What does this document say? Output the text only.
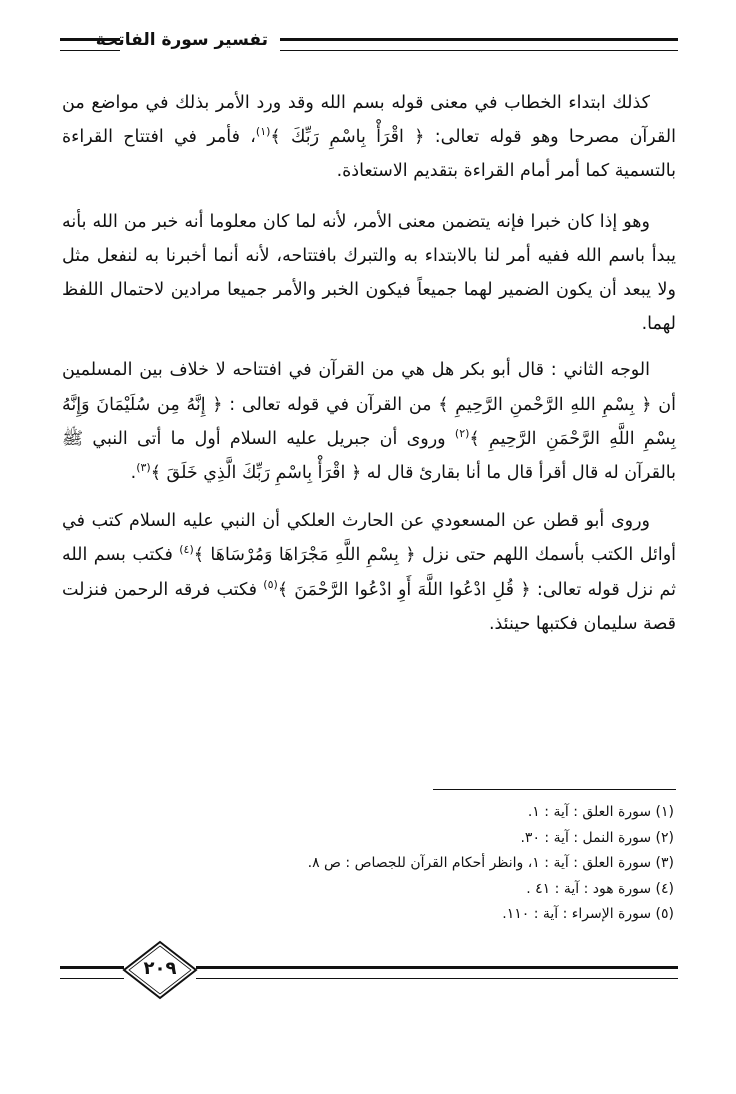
تفسير سورة الفاتحة

كذلك ابتداء الخطاب في معنى قوله بسم الله وقد ورد الأمر بذلك في مواضع من القرآن مصرحا وهو قوله تعالى: ﴿ اقْرَأْ بِاسْمِ رَبِّكَ ﴾$^{(١)}$، فأمر في افتتاح القراءة بالتسمية كما أمر أمام القراءة بتقديم الاستعاذة.

وهو إذا كان خبرا فإنه يتضمن معنى الأمر، لأنه لما كان معلوما أنه خبر من الله بأنه يبدأ باسم الله ففيه أمر لنا بالابتداء به والتبرك بافتتاحه، لأنه أنما أخبرنا به لنفعل مثل ولا يبعد أن يكون الضمير لهما جميعاً فيكون الخبر والأمر جميعا مرادين لاحتمال اللفظ لهما.

الوجه الثاني : قال أبو بكر هل هي من القرآن في افتتاحه لا خلاف بين المسلمين أن ﴿ بِسْمِ اللهِ الرَّحْمنِ الرَّحِيمِ ﴾ من القرآن في قوله تعالى : ﴿ إِنَّهُ مِن سُلَيْمَانَ وَإِنَّهُ بِسْمِ اللَّهِ الرَّحْمَنِ الرَّحِيمِ ﴾$^{(٢)}$ وروى أن جبريل عليه السلام أول ما أتى النبي ﷺ بالقرآن له قال أقرأ قال ما أنا بقارئ قال له ﴿ اقْرَأْ بِاسْمِ رَبِّكَ الَّذِي خَلَقَ ﴾$^{(٣)}$.

وروى أبو قطن عن المسعودي عن الحارث العلكي أن النبي عليه السلام كتب في أوائل الكتب بأسمك اللهم حتى نزل ﴿ بِسْمِ اللَّهِ مَجْرَاهَا وَمُرْسَاهَا ﴾$^{(٤)}$ فكتب بسم الله ثم نزل قوله تعالى: ﴿ قُلِ ادْعُوا اللَّهَ أَوِ ادْعُوا الرَّحْمَنَ ﴾$^{(٥)}$ فكتب فرقه الرحمن فنزلت قصة سليمان فكتبها حينئذ.

(١) سورة العلق : آية : ١.
(٢) سورة النمل : آية : ٣٠.
(٣) سورة العلق : آية : ١، وانظر أحكام القرآن للجصاص : ص ٨.
(٤) سورة هود : آية : ٤١ .
(٥) سورة الإسراء : آية : ١١٠.
٢٠٩
